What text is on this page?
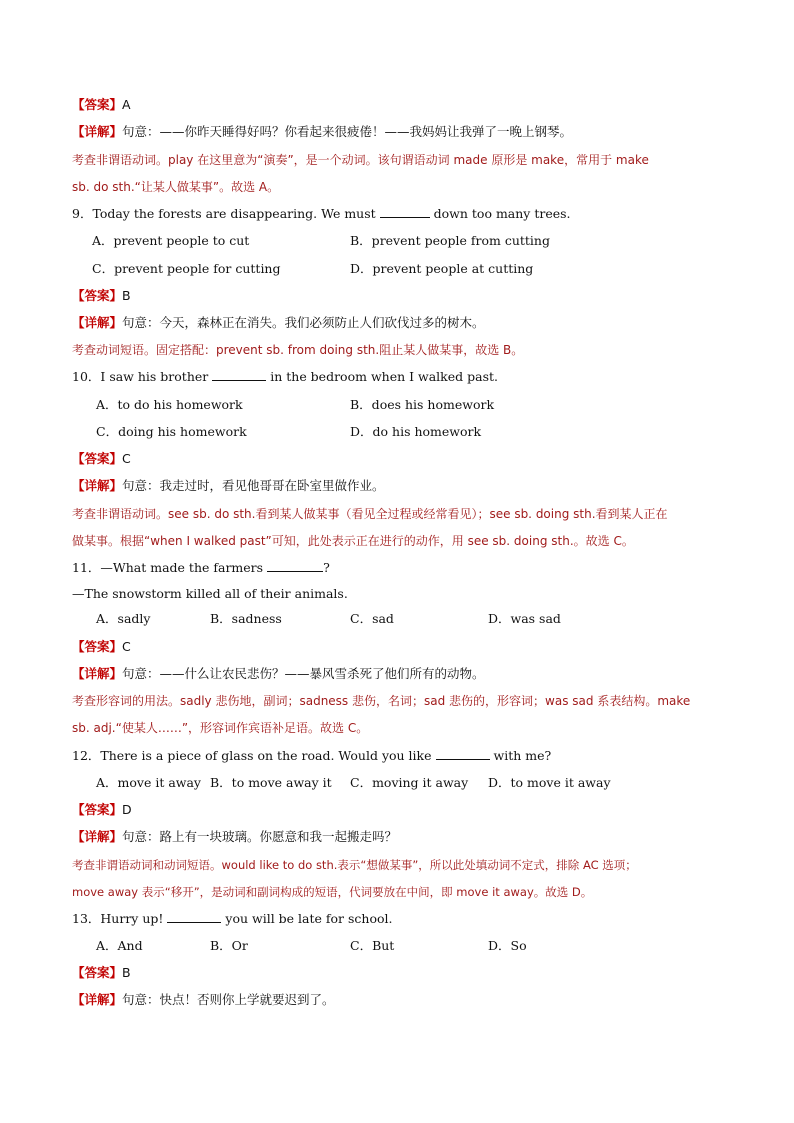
【答案】A
【详解】句意：——你昨天睡得好吗？你看起来很疲倦！——我妈妈让我弹了一晚上钢琴。
考查非谓语动词。play 在这里意为“演奏”，是一个动词。该句谓语动词 made 原形是 make，常用于 make
sb. do sth.“让某人做某事”。故选 A。
9．Today the forests are disappearing. We must	down too many trees.
A．prevent people to cut	B．prevent people from cutting
C．prevent people for cutting	D．prevent people at cutting
【答案】B
【详解】句意：今天，森林正在消失。我们必须防止人们砍伐过多的树木。
考查动词短语。固定搭配：prevent sb. from doing sth.阻止某人做某事，故选 B。
10．I saw his brother	in the bedroom when I walked past.
A．to do his homework	B．does his homework
C．doing his homework	D．do his homework
【答案】C
【详解】句意：我走过时，看见他哥哥在卧室里做作业。
考查非谓语动词。see sb. do sth.看到某人做某事（看见全过程或经常看见）；see sb. doing sth.看到某人正在
做某事。根据“when I walked past”可知，此处表示正在进行的动作，用 see sb. doing sth.。故选 C。
11．—What made the farmers	?
—The snowstorm killed all of their animals.
A．sadly	B．sadness	C．sad	D．was sad
【答案】C
【详解】句意：——什么让农民悲伤？——暴风雪杀死了他们所有的动物。
考查形容词的用法。sadly 悲伤地，副词；sadness 悲伤，名词；sad 悲伤的，形容词；was sad 系表结构。make
sb. adj.“使某人……”，形容词作宾语补足语。故选 C。
12．There is a piece of glass on the road. Would you like	with me?
A．move it away B．to move away it C．moving it away D．to move it away
【答案】D
【详解】句意：路上有一块玻璃。你愿意和我一起搬走吗？
考查非谓语动词和动词短语。would like to do sth.表示“想做某事”，所以此处填动词不定式，排除 AC 选项；
move away 表示“移开”，是动词和副词构成的短语，代词要放在中间，即 move it away。故选 D。
13．Hurry up!	you will be late for school.
A．And	B．Or	C．But	D．So
【答案】B
【详解】句意：快点！否则你上学就要迟到了。
